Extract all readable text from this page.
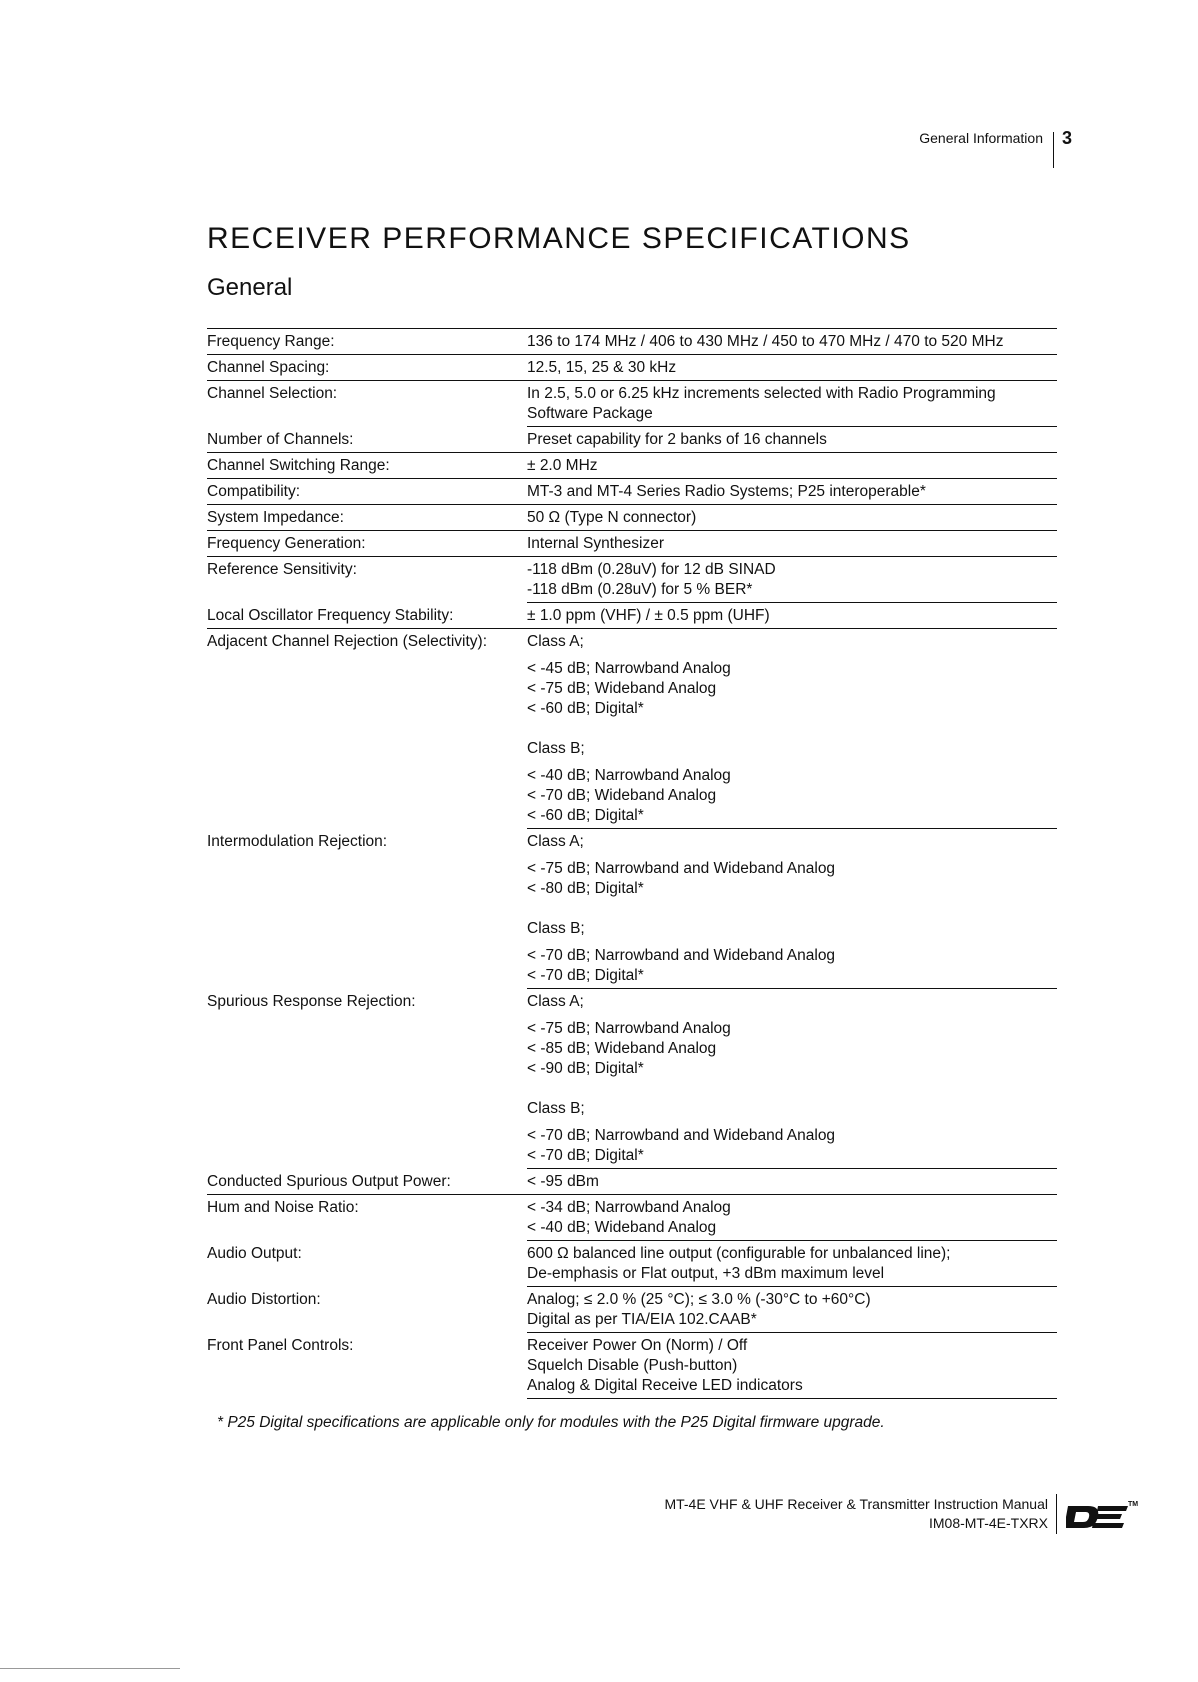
General Information 3
RECEIVER PERFORMANCE SPECIFICATIONS
General
Frequency Range:	136 to 174 MHz / 406 to 430 MHz / 450 to 470 MHz / 470 to 520 MHz
Channel Spacing:	12.5, 15, 25 & 30 kHz
Channel Selection:	In 2.5, 5.0 or 6.25 kHz increments selected with Radio Programming Software Package
Number of Channels:	Preset capability for 2 banks of 16 channels
Channel Switching Range:	± 2.0 MHz
Compatibility:	MT-3 and MT-4 Series Radio Systems; P25 interoperable*
System Impedance:	50 Ω (Type N connector)
Frequency Generation:	Internal Synthesizer
Reference Sensitivity:	-118 dBm (0.28uV) for 12 dB SINAD
-118 dBm (0.28uV) for 5 % BER*
Local Oscillator Frequency Stability:	± 1.0 ppm (VHF) / ± 0.5 ppm (UHF)
Adjacent Channel Rejection (Selectivity):	Class A;
< -45 dB; Narrowband Analog
< -75 dB; Wideband Analog
< -60 dB; Digital*
Class B;
< -40 dB; Narrowband Analog
< -70 dB; Wideband Analog
< -60 dB; Digital*
Intermodulation Rejection:	Class A;
< -75 dB; Narrowband and Wideband Analog
< -80 dB; Digital*
Class B;
< -70 dB; Narrowband and Wideband Analog
< -70 dB; Digital*
Spurious Response Rejection:	Class A;
< -75 dB; Narrowband Analog
< -85 dB; Wideband Analog
< -90 dB; Digital*
Class B;
< -70 dB; Narrowband and Wideband Analog
< -70 dB; Digital*
Conducted Spurious Output Power:	< -95 dBm
Hum and Noise Ratio:	< -34 dB; Narrowband Analog
< -40 dB; Wideband Analog
Audio Output:	600 Ω balanced line output (configurable for unbalanced line);
De-emphasis or Flat output, +3 dBm maximum level
Audio Distortion:	Analog; ≤ 2.0 % (25 °C); ≤ 3.0 % (-30°C to +60°C)
Digital as per TIA/EIA 102.CAAB*
Front Panel Controls:	Receiver Power On (Norm) / Off
Squelch Disable (Push-button)
Analog & Digital Receive LED indicators
* P25 Digital specifications are applicable only for modules with the P25 Digital firmware upgrade.
MT-4E VHF & UHF Receiver & Transmitter Instruction Manual
IM08-MT-4E-TXRX
TM
